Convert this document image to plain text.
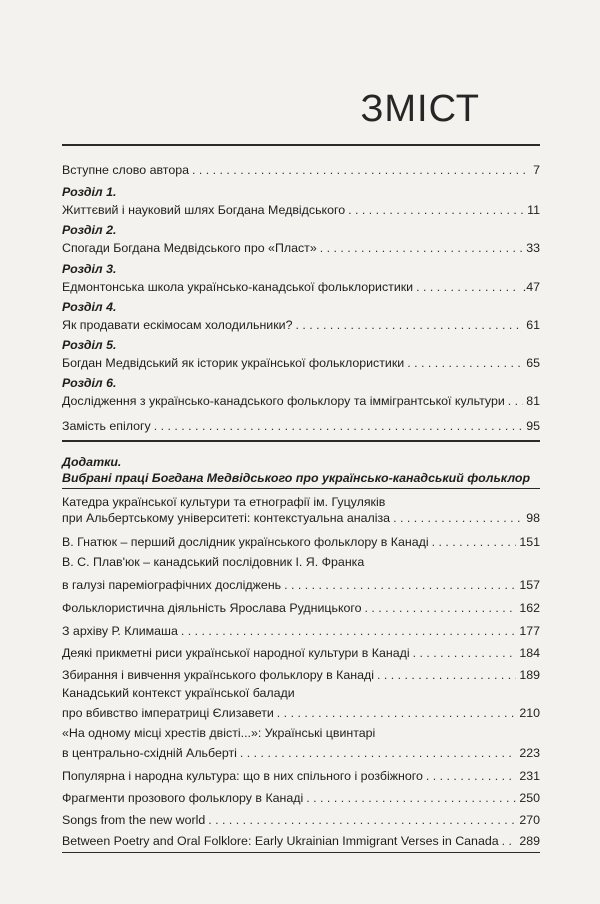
ЗМІСТ
Вступне слово автора . . .	7
Розділ 1.
Життєвий і науковий шлях Богдана Медвідського . . .	11
Розділ 2.
Спогади Богдана Медвідського про «Пласт» . . .	33
Розділ 3.
Едмонтонська школа українсько-канадської фольклористики . . .	.47
Розділ 4.
Як продавати ескімосам холодильники? . . .	61
Розділ 5.
Богдан Медвідський як історик української фольклористики . . .	65
Розділ 6.
Дослідження з українсько-канадського фольклору та іммігрантської культури . . . 81
Замість епілогу . . .	95
Додатки.
Вибрані праці Богдана Медвідського про українсько-канадський фольклор
Катедра української культури та етнографії ім. Гуцуляків
при Альбертському університеті: контекстуальна аналіза . . .	98
В. Гнатюк – перший дослідник українського фольклору в Канаді . . .	151
В. С. Плав'юк – канадський послідовник І. Я. Франка
в галузі пареміографічних досліджень . . .	157
Фольклористична діяльність Ярослава Рудницького . . .	162
З архіву Р. Климаша . . .	177
Деякі прикметні риси української народної культури в Канаді . . .	184
Збирання і вивчення українського фольклору в Канаді . . .	189
Канадський контекст української балади
про вбивство імператриці Єлизавети . . .	210
«На одному місці хрестів двісті...»: Українські цвинтарі
в центрально-східній Альберті . . .	223
Популярна і народна культура: що в них спільного і розбіжного . . .	231
Фрагменти прозового фольклору в Канаді . . .	250
Songs from the new world . . .	270
Between Poetry and Oral Folklore: Early Ukrainian Immigrant Verses in Canada . . . 289
